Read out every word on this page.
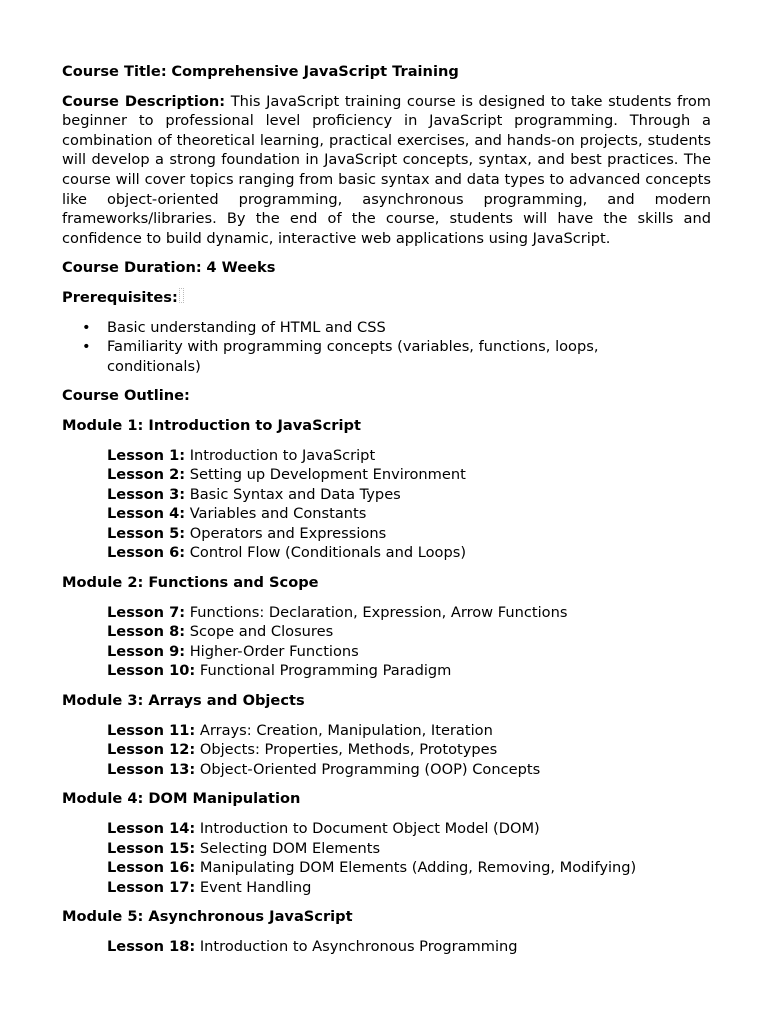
Course Title: Comprehensive JavaScript Training

Course Description: This JavaScript training course is designed to take students from beginner to professional level proficiency in JavaScript programming. Through a combination of theoretical learning, practical exercises, and hands-on projects, students will develop a strong foundation in JavaScript concepts, syntax, and best practices. The course will cover topics ranging from basic syntax and data types to advanced concepts like object-oriented programming, asynchronous programming, and modern frameworks/libraries. By the end of the course, students will have the skills and confidence to build dynamic, interactive web applications using JavaScript.

Course Duration: 4 Weeks

Prerequisites:

• Basic understanding of HTML and CSS
• Familiarity with programming concepts (variables, functions, loops, conditionals)

Course Outline:

Module 1: Introduction to JavaScript

Lesson 1: Introduction to JavaScript
Lesson 2: Setting up Development Environment
Lesson 3: Basic Syntax and Data Types
Lesson 4: Variables and Constants
Lesson 5: Operators and Expressions
Lesson 6: Control Flow (Conditionals and Loops)

Module 2: Functions and Scope

Lesson 7: Functions: Declaration, Expression, Arrow Functions
Lesson 8: Scope and Closures
Lesson 9: Higher-Order Functions
Lesson 10: Functional Programming Paradigm

Module 3: Arrays and Objects

Lesson 11: Arrays: Creation, Manipulation, Iteration
Lesson 12: Objects: Properties, Methods, Prototypes
Lesson 13: Object-Oriented Programming (OOP) Concepts

Module 4: DOM Manipulation

Lesson 14: Introduction to Document Object Model (DOM)
Lesson 15: Selecting DOM Elements
Lesson 16: Manipulating DOM Elements (Adding, Removing, Modifying)
Lesson 17: Event Handling

Module 5: Asynchronous JavaScript

Lesson 18: Introduction to Asynchronous Programming
